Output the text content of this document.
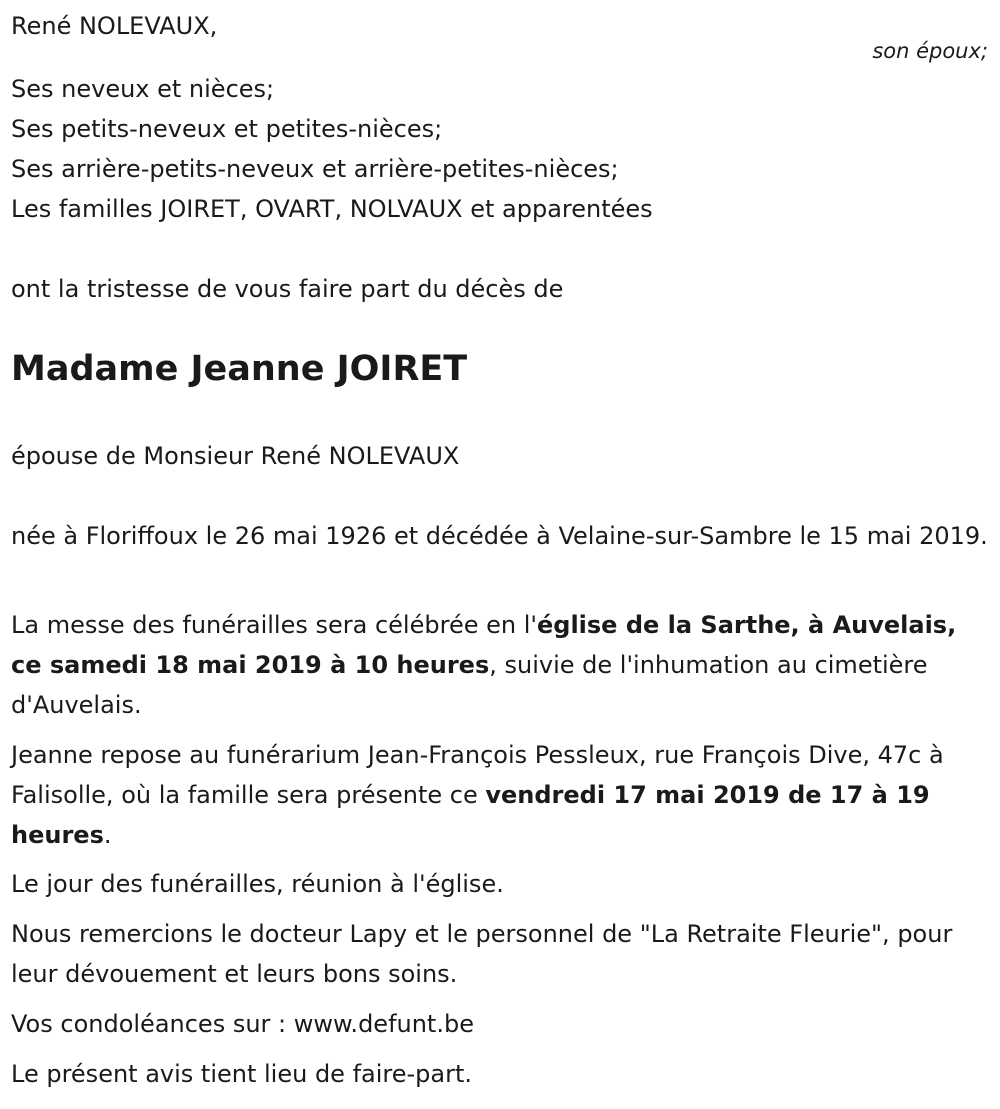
René NOLEVAUX,

son époux;

Ses neveux et nièces;

Ses petits-neveux et petites-nièces;

Ses arrière-petits-neveux et arrière-petites-nièces;

Les familles JOIRET, OVART, NOLVAUX et apparentées

ont la tristesse de vous faire part du décès de

Madame Jeanne JOIRET

épouse de Monsieur René NOLEVAUX

née à Floriffoux le 26 mai 1926 et décédée à Velaine-sur-Sambre le 15 mai 2019.

La messe des funérailles sera célébrée en l'église de la Sarthe, à Auvelais, ce samedi 18 mai 2019 à 10 heures, suivie de l'inhumation au cimetière d'Auvelais.

Jeanne repose au funérarium Jean-François Pessleux, rue François Dive, 47c à Falisolle, où la famille sera présente ce vendredi 17 mai 2019 de 17 à 19 heures.

Le jour des funérailles, réunion à l'église.

Nous remercions le docteur Lapy et le personnel de "La Retraite Fleurie", pour leur dévouement et leurs bons soins.

Vos condoléances sur : www.defunt.be

Le présent avis tient lieu de faire-part.
